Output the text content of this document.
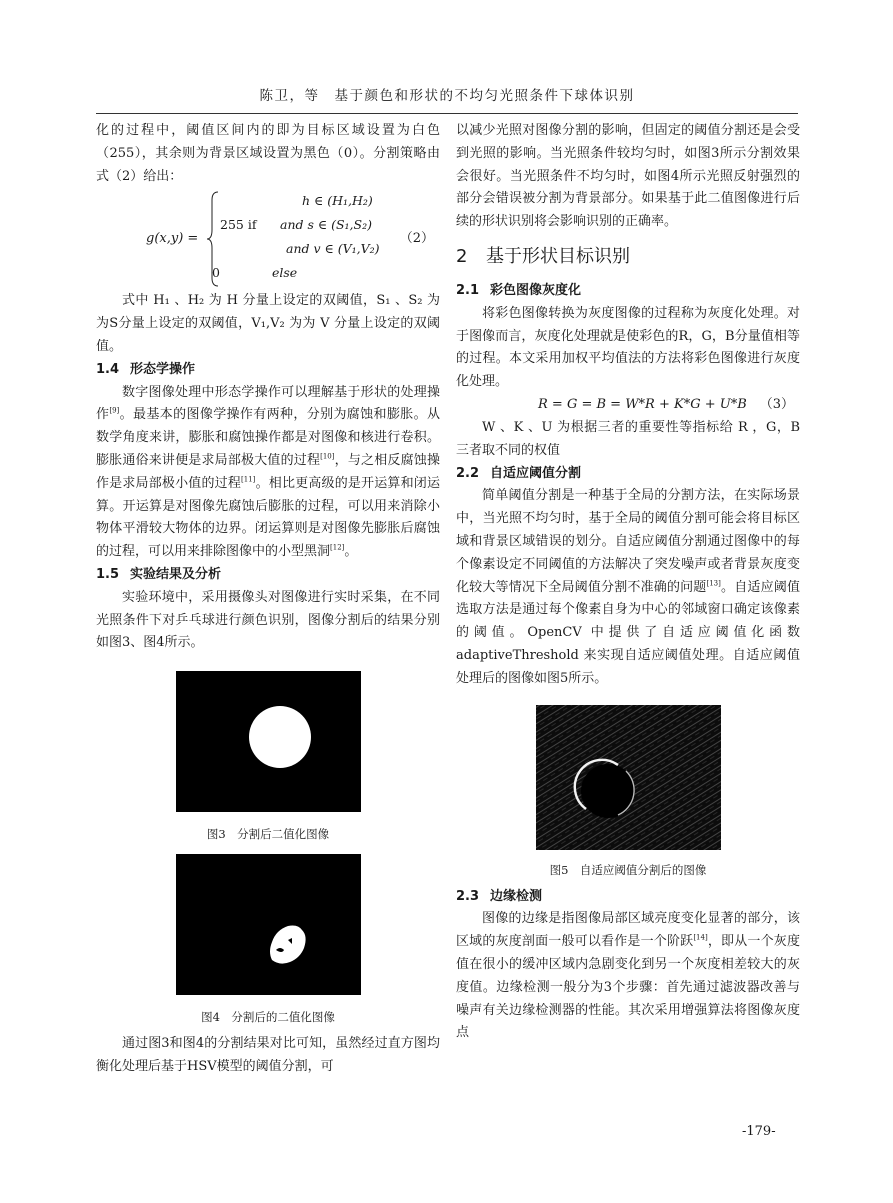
陈卫，等　基于颜色和形状的不均匀光照条件下球体识别

化的过程中，阈值区间内的即为目标区域设置为白色（255），其余则为背景区域设置为黑色（0）。分割策略由式（2）给出：

g(x,y) =
h ∈ (H₁,H₂)
255 if and s ∈ (S₁,S₂)
and v ∈ (V₁,V₂)
0	else
（2）

式中 H₁ 、H₂ 为 H 分量上设定的双阈值，S₁ 、S₂ 为为S分量上设定的双阈值，V₁,V₂ 为为 V 分量上设定的双阈值。

1.4 形态学操作

数字图像处理中形态学操作可以理解基于形状的处理操作[9]。最基本的图像学操作有两种，分别为腐蚀和膨胀。从数学角度来讲，膨胀和腐蚀操作都是对图像和核进行卷积。膨胀通俗来讲便是求局部极大值的过程[10]，与之相反腐蚀操作是求局部极小值的过程[11]。相比更高级的是开运算和闭运算。开运算是对图像先腐蚀后膨胀的过程，可以用来消除小物体平滑较大物体的边界。闭运算则是对图像先膨胀后腐蚀的过程，可以用来排除图像中的小型黑洞[12]。

1.5 实验结果及分析

实验环境中，采用摄像头对图像进行实时采集，在不同光照条件下对乒乓球进行颜色识别，图像分割后的结果分别如图3、图4所示。

图3　分割后二值化图像

图4　分割后的二值化图像

通过图3和图4的分割结果对比可知，虽然经过直方图均衡化处理后基于HSV模型的阈值分割，可

以减少光照对图像分割的影响，但固定的阈值分割还是会受到光照的影响。当光照条件较均匀时，如图3所示分割效果会很好。当光照条件不均匀时，如图4所示光照反射强烈的部分会错误被分割为背景部分。如果基于此二值图像进行后续的形状识别将会影响识别的正确率。

2 基于形状目标识别

2.1 彩色图像灰度化

将彩色图像转换为灰度图像的过程称为灰度化处理。对于图像而言，灰度化处理就是使彩色的R，G，B分量值相等的过程。本文采用加权平均值法的方法将彩色图像进行灰度化处理。

R = G = B = W*R + K*G + U*B （3）

W 、K 、U 为根据三者的重要性等指标给 R ，G，B 三者取不同的权值

2.2 自适应阈值分割

简单阈值分割是一种基于全局的分割方法，在实际场景中，当光照不均匀时，基于全局的阈值分割可能会将目标区域和背景区域错误的划分。自适应阈值分割通过图像中的每个像素设定不同阈值的方法解决了突发噪声或者背景灰度变化较大等情况下全局阈值分割不准确的问题[13]。自适应阈值选取方法是通过每个像素自身为中心的邻域窗口确定该像素的阈值。OpenCV 中提供了自适应阈值化函数 adaptiveThreshold 来实现自适应阈值处理。自适应阈值处理后的图像如图5所示。

图5　自适应阈值分割后的图像

2.3 边缘检测

图像的边缘是指图像局部区域亮度变化显著的部分，该区域的灰度剖面一般可以看作是一个阶跃[14]，即从一个灰度值在很小的缓冲区域内急剧变化到另一个灰度相差较大的灰度值。边缘检测一般分为3个步骤：首先通过滤波器改善与噪声有关边缘检测器的性能。其次采用增强算法将图像灰度点

-179-
